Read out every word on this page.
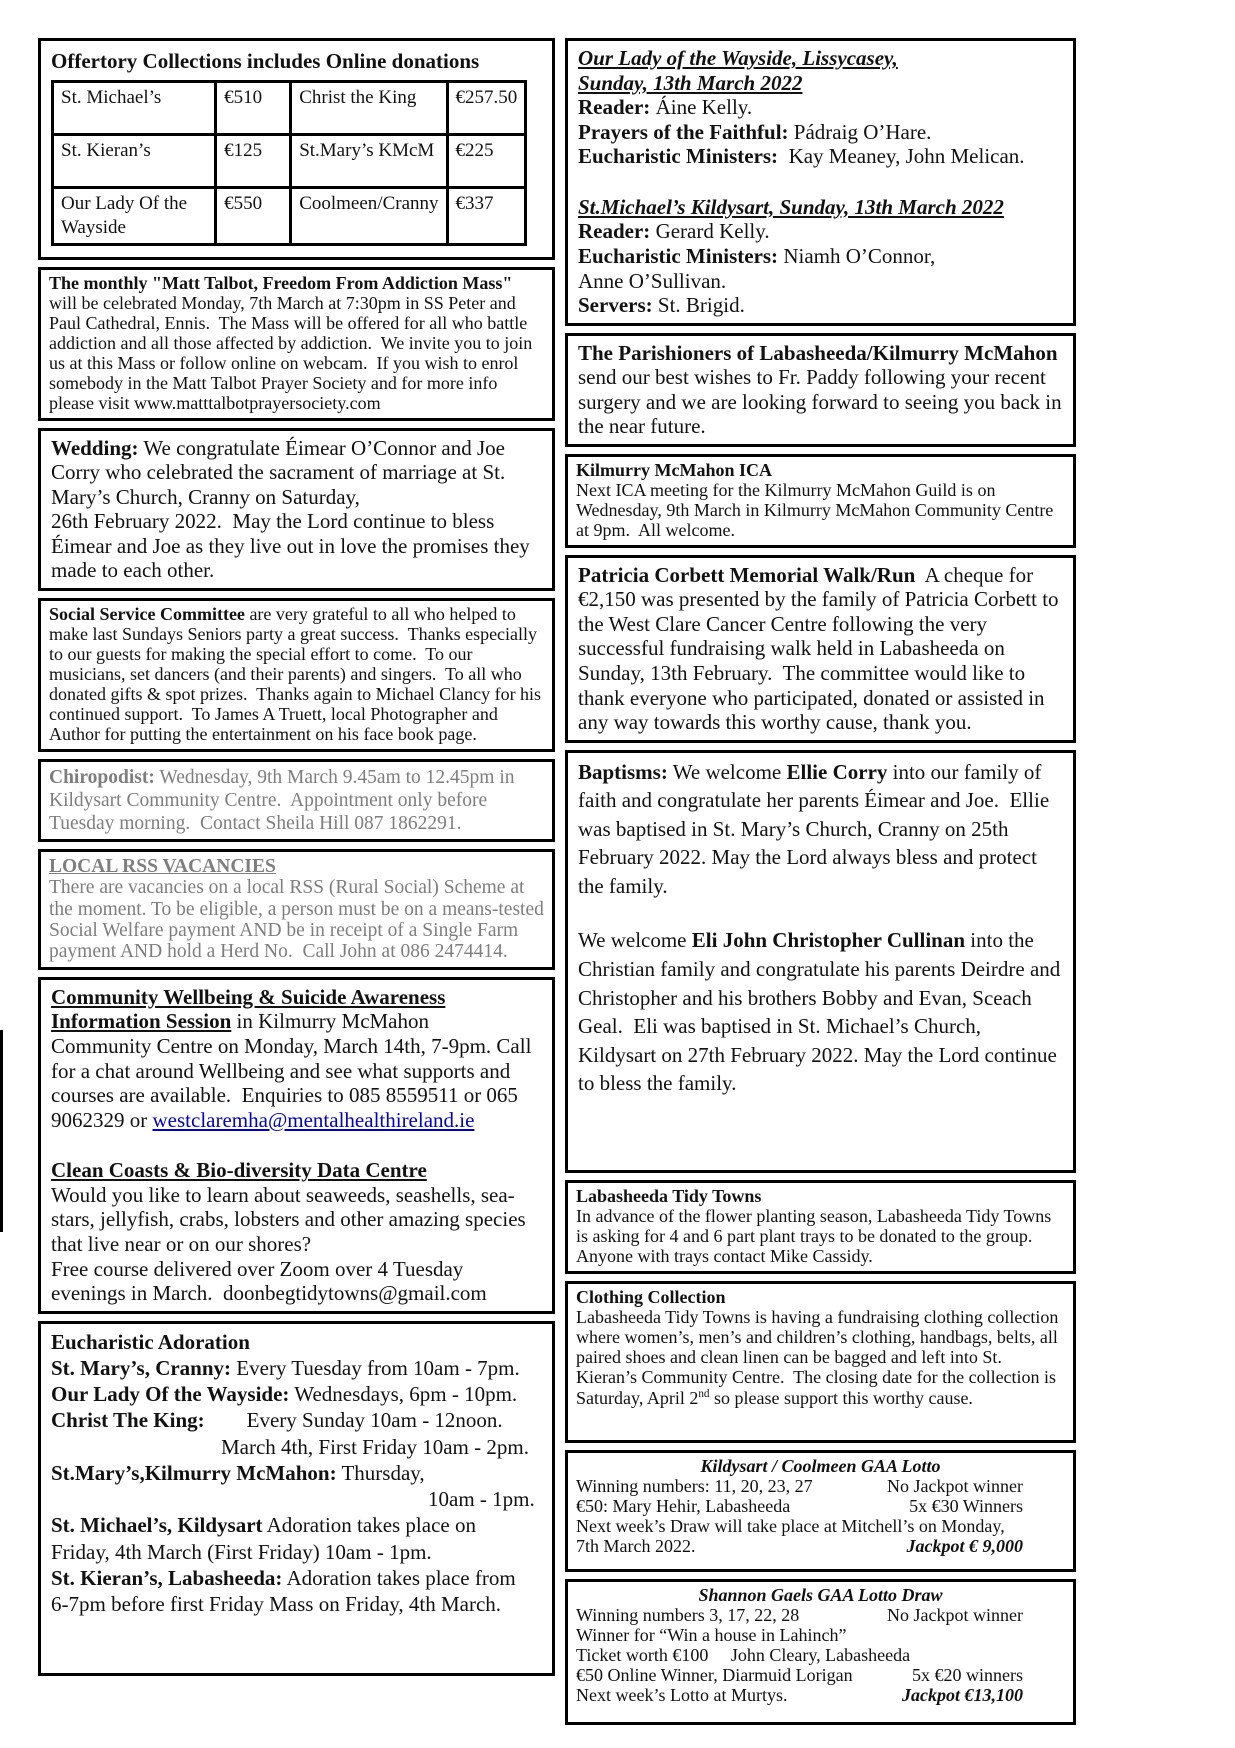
Offertory Collections includes Online donations

St. Michael’s	€510	Christ the King	€257.50
St. Kieran’s	€125	St.Mary’s KMcM	€225
Our Lady Of the Wayside	€550	Coolmeen/Cranny	€337

The monthly "Matt Talbot, Freedom From Addiction Mass" will be celebrated Monday, 7th March at 7:30pm in SS Peter and Paul Cathedral, Ennis.  The Mass will be offered for all who battle addiction and all those affected by addiction.  We invite you to join us at this Mass or follow online on webcam.  If you wish to enrol somebody in the Matt Talbot Prayer Society and for more info please visit www.matttalbotprayersociety.com

Wedding: We congratulate Éimear O’Connor and Joe Corry who celebrated the sacrament of marriage at St. Mary’s Church, Cranny on Saturday,

26th February 2022.  May the Lord continue to bless Éimear and Joe as they live out in love the promises they made to each other.

Social Service Committee are very grateful to all who helped to make last Sundays Seniors party a great success.  Thanks especially to our guests for making the special effort to come.  To our musicians, set dancers (and their parents) and singers.  To all who donated gifts & spot prizes.  Thanks again to Michael Clancy for his continued support.  To James A Truett, local Photographer and Author for putting the entertainment on his face book page.

Chiropodist: Wednesday, 9th March 9.45am to 12.45pm in Kildysart Community Centre.  Appointment only before Tuesday morning.  Contact Sheila Hill 087 1862291.

LOCAL RSS VACANCIES

There are vacancies on a local RSS (Rural Social) Scheme at the moment. To be eligible, a person must be on a means-tested Social Welfare payment AND be in receipt of a Single Farm payment AND hold a Herd No.  Call John at 086 2474414.

Community Wellbeing & Suicide Awareness

Information Session in Kilmurry McMahon

Community Centre on Monday, March 14th, 7-9pm. Call for a chat around Wellbeing and see what supports and courses are available.  Enquiries to 085 8559511 or 065 9062329 or westclaremha@mentalhealthireland.ie

Clean Coasts & Bio-diversity Data Centre

Would you like to learn about seaweeds, seashells, sea-stars, jellyfish, crabs, lobsters and other amazing species that live near or on our shores?

Free course delivered over Zoom over 4 Tuesday evenings in March.  doonbegtidytowns@gmail.com

Eucharistic Adoration

St. Mary’s, Cranny: Every Tuesday from 10am - 7pm.

Our Lady Of the Wayside: Wednesdays, 6pm - 10pm.

Christ The King:        Every Sunday 10am - 12noon.

March 4th, First Friday 10am - 2pm.

St.Mary’s,Kilmurry McMahon: Thursday,

10am - 1pm.

St. Michael’s, Kildysart Adoration takes place on

Friday, 4th March (First Friday) 10am - 1pm.

St. Kieran’s, Labasheeda: Adoration takes place from

6-7pm before first Friday Mass on Friday, 4th March.

Our Lady of the Wayside, Lissycasey,

Sunday, 13th March 2022

Reader: Áine Kelly.

Prayers of the Faithful: Pádraig O’Hare.

Eucharistic Ministers:  Kay Meaney, John Melican.

St.Michael’s Kildysart, Sunday, 13th March 2022

Reader: Gerard Kelly.

Eucharistic Ministers: Niamh O’Connor,

Anne O’Sullivan.

Servers: St. Brigid.

The Parishioners of Labasheeda/Kilmurry McMahon send our best wishes to Fr. Paddy following your recent surgery and we are looking forward to seeing you back in the near future.

Kilmurry McMahon ICA

Next ICA meeting for the Kilmurry McMahon Guild is on Wednesday, 9th March in Kilmurry McMahon Community Centre at 9pm.  All welcome.

Patricia Corbett Memorial Walk/Run  A cheque for €2,150 was presented by the family of Patricia Corbett to the West Clare Cancer Centre following the very successful fundraising walk held in Labasheeda on Sunday, 13th February.  The committee would like to thank everyone who participated, donated or assisted in any way towards this worthy cause, thank you.

Baptisms: We welcome Ellie Corry into our family of faith and congratulate her parents Éimear and Joe.  Ellie was baptised in St. Mary’s Church, Cranny on 25th February 2022. May the Lord always bless and protect the family.

We welcome Eli John Christopher Cullinan into the Christian family and congratulate his parents Deirdre and Christopher and his brothers Bobby and Evan, Sceach Geal.  Eli was baptised in St. Michael’s Church, Kildysart on 27th February 2022. May the Lord continue to bless the family.

Labasheeda Tidy Towns

In advance of the flower planting season, Labasheeda Tidy Towns is asking for 4 and 6 part plant trays to be donated to the group.  Anyone with trays contact Mike Cassidy.

Clothing Collection

Labasheeda Tidy Towns is having a fundraising clothing collection where women’s, men’s and children’s clothing, handbags, belts, all paired shoes and clean linen can be bagged and left into St. Kieran’s Community Centre.  The closing date for the collection is Saturday, April 2nd so please support this worthy cause.

Kildysart / Coolmeen GAA Lotto

Winning numbers: 11, 20, 23, 27	No Jackpot winner

€50: Mary Hehir, Labasheeda	5x €30 Winners

Next week’s Draw will take place at Mitchell’s on Monday,

7th March 2022.	Jackpot € 9,000

Shannon Gaels GAA Lotto Draw

Winning numbers 3, 17, 22, 28	No Jackpot winner

Winner for “Win a house in Lahinch”

Ticket worth €100     John Cleary, Labasheeda

€50 Online Winner, Diarmuid Lorigan	5x €20 winners

Next week’s Lotto at Murtys.	Jackpot €13,100
